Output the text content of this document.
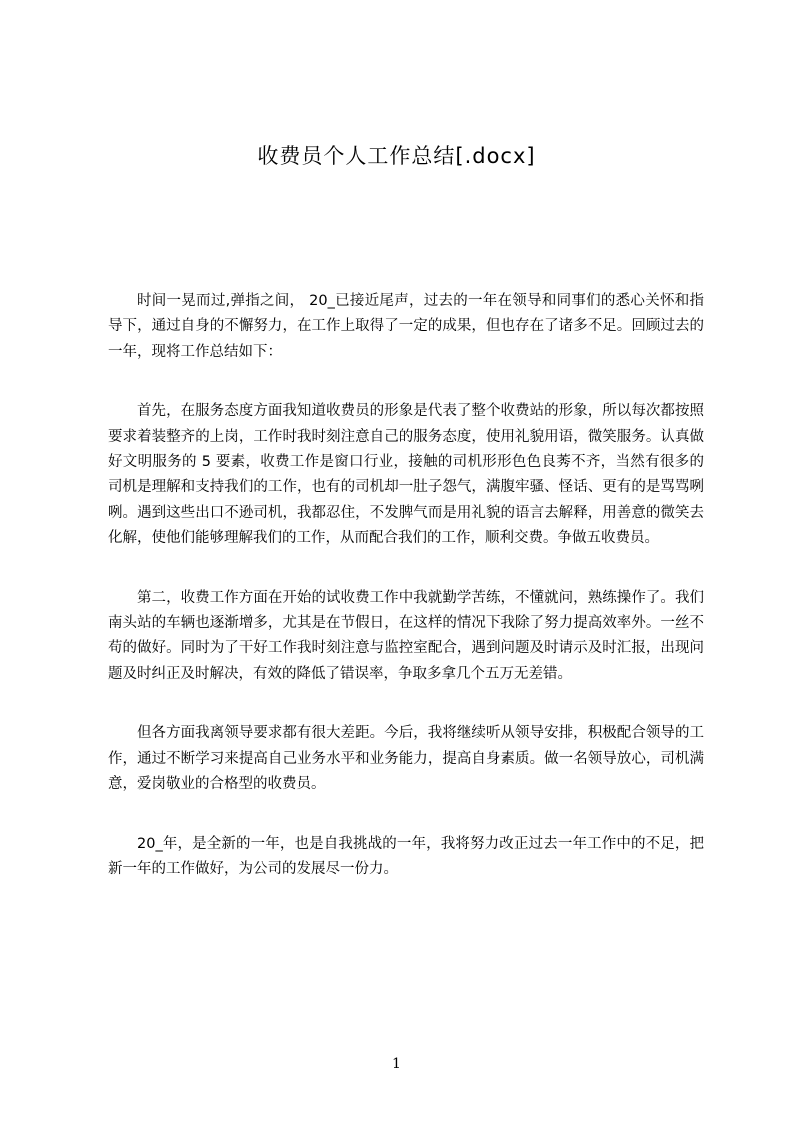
收费员个人工作总结[.docx]

时间一晃而过,弹指之间， 20_已接近尾声，过去的一年在领导和同事们的悉心关怀和指导下，通过自身的不懈努力，在工作上取得了一定的成果，但也存在了诸多不足。回顾过去的一年，现将工作总结如下：

首先，在服务态度方面我知道收费员的形象是代表了整个收费站的形象，所以每次都按照要求着装整齐的上岗，工作时我时刻注意自己的服务态度，使用礼貌用语，微笑服务。认真做好文明服务的 5 要素，收费工作是窗口行业，接触的司机形形色色良莠不齐，当然有很多的司机是理解和支持我们的工作，也有的司机却一肚子怨气，满腹牢骚、怪话、更有的是骂骂咧咧。遇到这些出口不逊司机，我都忍住，不发脾气而是用礼貌的语言去解释，用善意的微笑去化解，使他们能够理解我们的工作，从而配合我们的工作，顺利交费。争做五收费员。

第二，收费工作方面在开始的试收费工作中我就勤学苦练，不懂就问，熟练操作了。我们南头站的车辆也逐渐增多，尤其是在节假日，在这样的情况下我除了努力提高效率外。一丝不苟的做好。同时为了干好工作我时刻注意与监控室配合，遇到问题及时请示及时汇报，出现问题及时纠正及时解决，有效的降低了错误率，争取多拿几个五万无差错。

但各方面我离领导要求都有很大差距。今后，我将继续听从领导安排，积极配合领导的工作，通过不断学习来提高自己业务水平和业务能力，提高自身素质。做一名领导放心，司机满意，爱岗敬业的合格型的收费员。

20_年，是全新的一年，也是自我挑战的一年，我将努力改正过去一年工作中的不足，把新一年的工作做好，为公司的发展尽一份力。

1
